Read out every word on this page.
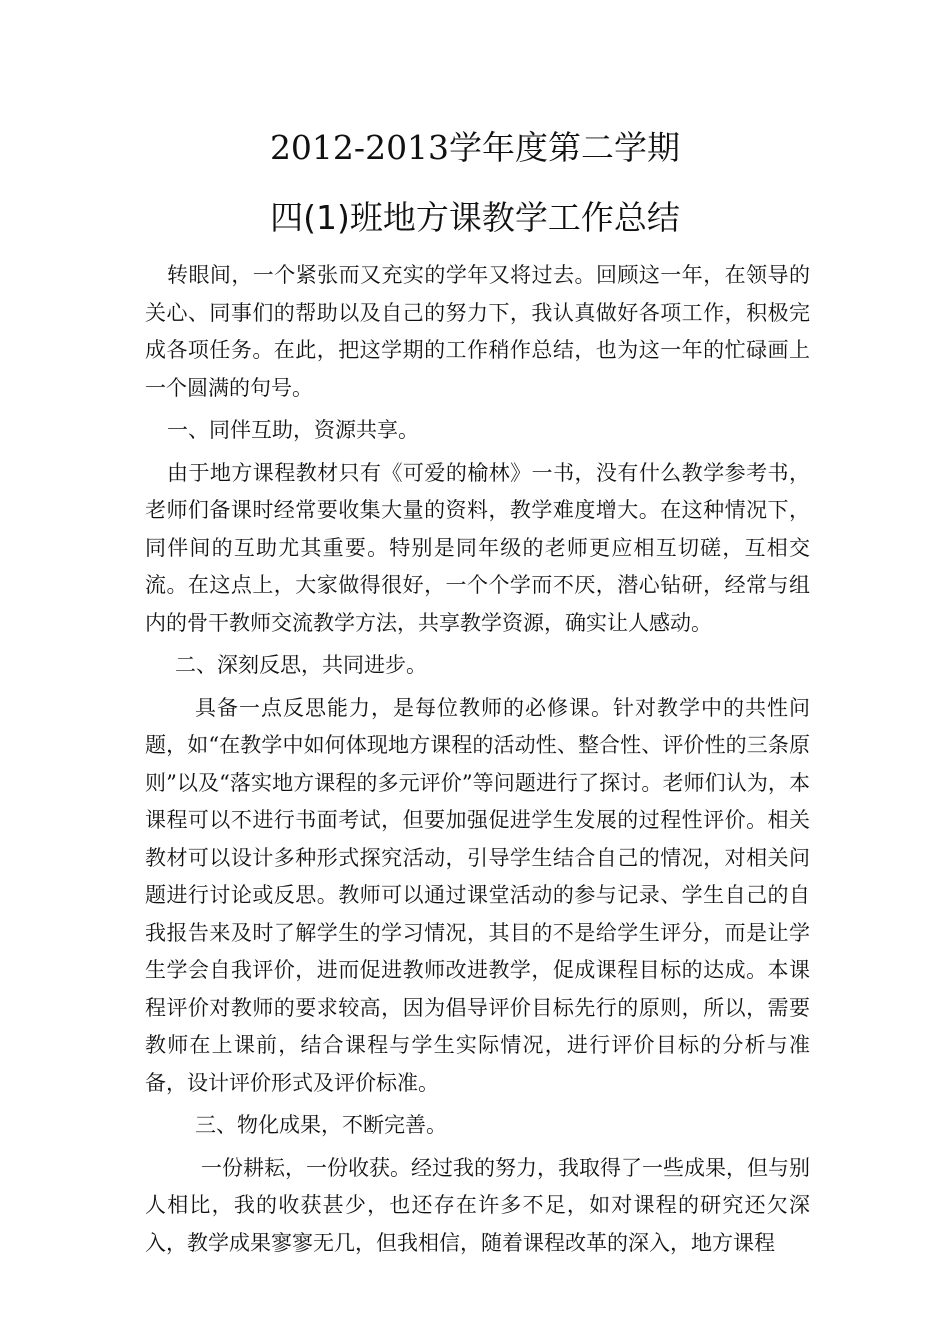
2012-2013学年度第二学期
四(1)班地方课教学工作总结

转眼间，一个紧张而又充实的学年又将过去。回顾这一年，在领导的关心、同事们的帮助以及自己的努力下，我认真做好各项工作，积极完成各项任务。在此，把这学期的工作稍作总结，也为这一年的忙碌画上一个圆满的句号。

一、同伴互助，资源共享。

由于地方课程教材只有《可爱的榆林》一书，没有什么教学参考书，老师们备课时经常要收集大量的资料，教学难度增大。在这种情况下，同伴间的互助尤其重要。特别是同年级的老师更应相互切磋，互相交流。在这点上，大家做得很好，一个个学而不厌，潜心钻研，经常与组内的骨干教师交流教学方法，共享教学资源，确实让人感动。

二、深刻反思，共同进步。

具备一点反思能力，是每位教师的必修课。针对教学中的共性问题，如“在教学中如何体现地方课程的活动性、整合性、评价性的三条原则”以及“落实地方课程的多元评价”等问题进行了探讨。老师们认为，本课程可以不进行书面考试，但要加强促进学生发展的过程性评价。相关教材可以设计多种形式探究活动，引导学生结合自己的情况，对相关问题进行讨论或反思。教师可以通过课堂活动的参与记录、学生自己的自我报告来及时了解学生的学习情况，其目的不是给学生评分，而是让学生学会自我评价，进而促进教师改进教学，促成课程目标的达成。本课程评价对教师的要求较高，因为倡导评价目标先行的原则，所以，需要教师在上课前，结合课程与学生实际情况，进行评价目标的分析与准备，设计评价形式及评价标准。

三、物化成果，不断完善。

一份耕耘，一份收获。经过我的努力，我取得了一些成果，但与别人相比，我的收获甚少，也还存在许多不足，如对课程的研究还欠深入，教学成果寥寥无几，但我相信，随着课程改革的深入，地方课程
